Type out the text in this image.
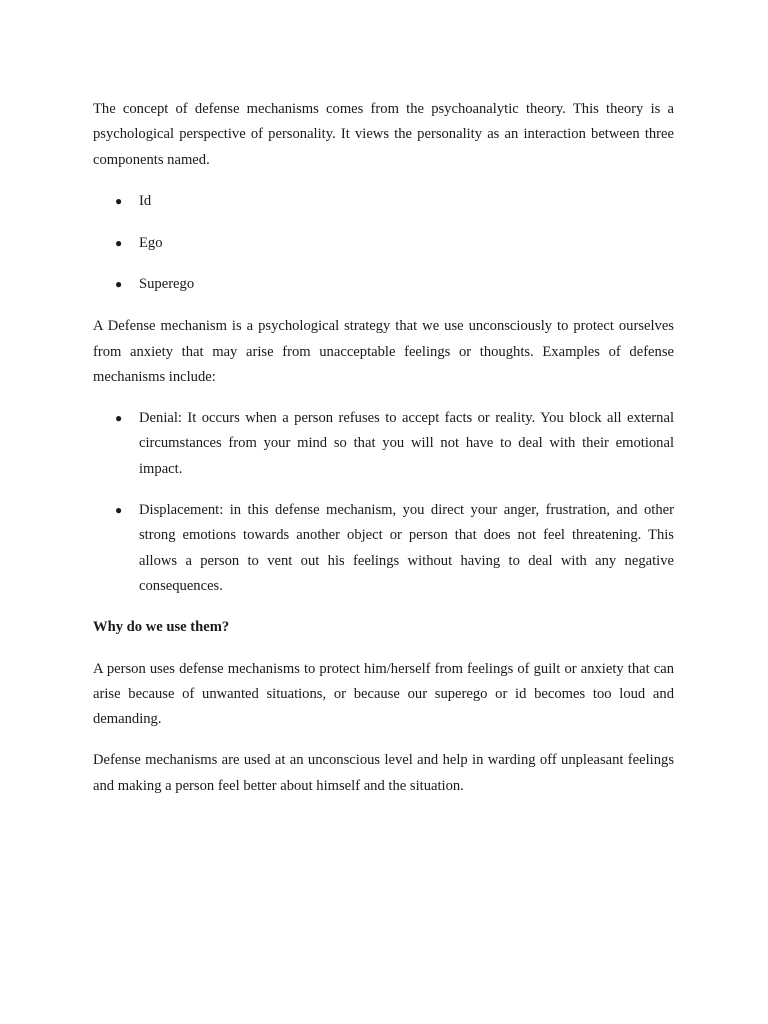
The concept of defense mechanisms comes from the psychoanalytic theory. This theory is a psychological perspective of personality. It views the personality as an interaction between three components named.

● Id
● Ego
● Superego

A Defense mechanism is a psychological strategy that we use unconsciously to protect ourselves from anxiety that may arise from unacceptable feelings or thoughts. Examples of defense mechanisms include:

● Denial: It occurs when a person refuses to accept facts or reality. You block all external circumstances from your mind so that you will not have to deal with their emotional impact.
● Displacement: in this defense mechanism, you direct your anger, frustration, and other strong emotions towards another object or person that does not feel threatening. This allows a person to vent out his feelings without having to deal with any negative consequences.

Why do we use them?

A person uses defense mechanisms to protect him/herself from feelings of guilt or anxiety that can arise because of unwanted situations, or because our superego or id becomes too loud and demanding.

Defense mechanisms are used at an unconscious level and help in warding off unpleasant feelings and making a person feel better about himself and the situation.
